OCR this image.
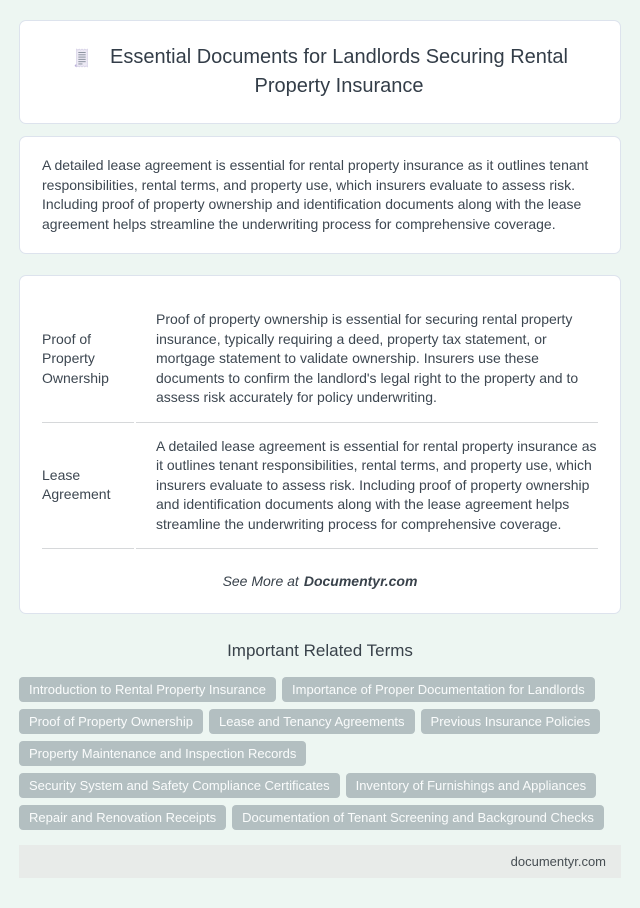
Essential Documents for Landlords Securing Rental Property Insurance

A detailed lease agreement is essential for rental property insurance as it outlines tenant responsibilities, rental terms, and property use, which insurers evaluate to assess risk. Including proof of property ownership and identification documents along with the lease agreement helps streamline the underwriting process for comprehensive coverage.

Proof of Property Ownership	Proof of property ownership is essential for securing rental property insurance, typically requiring a deed, property tax statement, or mortgage statement to validate ownership. Insurers use these documents to confirm the landlord's legal right to the property and to assess risk accurately for policy underwriting.
Lease Agreement	A detailed lease agreement is essential for rental property insurance as it outlines tenant responsibilities, rental terms, and property use, which insurers evaluate to assess risk. Including proof of property ownership and identification documents along with the lease agreement helps streamline the underwriting process for comprehensive coverage.

See More at Documentyr.com

Important Related Terms
Introduction to Rental Property Insurance	Importance of Proper Documentation for Landlords
Proof of Property Ownership	Lease and Tenancy Agreements	Previous Insurance Policies
Property Maintenance and Inspection Records
Security System and Safety Compliance Certificates	Inventory of Furnishings and Appliances
Repair and Renovation Receipts	Documentation of Tenant Screening and Background Checks
documentyr.com
